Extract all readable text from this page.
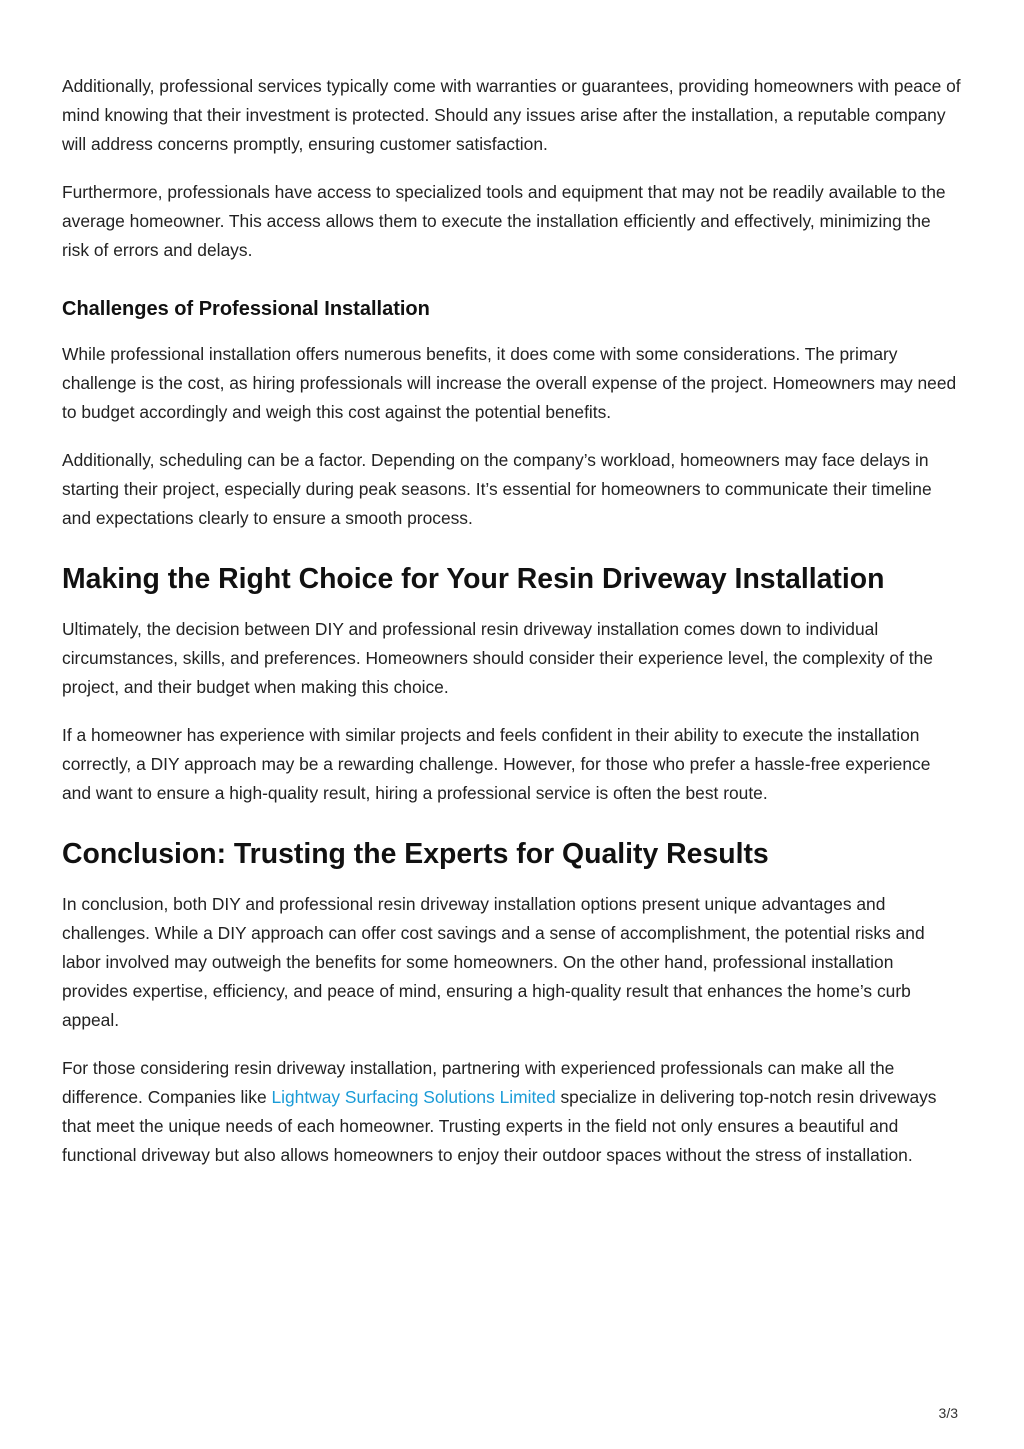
Additionally, professional services typically come with warranties or guarantees, providing homeowners with peace of mind knowing that their investment is protected. Should any issues arise after the installation, a reputable company will address concerns promptly, ensuring customer satisfaction.

Furthermore, professionals have access to specialized tools and equipment that may not be readily available to the average homeowner. This access allows them to execute the installation efficiently and effectively, minimizing the risk of errors and delays.

Challenges of Professional Installation

While professional installation offers numerous benefits, it does come with some considerations. The primary challenge is the cost, as hiring professionals will increase the overall expense of the project. Homeowners may need to budget accordingly and weigh this cost against the potential benefits.

Additionally, scheduling can be a factor. Depending on the company’s workload, homeowners may face delays in starting their project, especially during peak seasons. It’s essential for homeowners to communicate their timeline and expectations clearly to ensure a smooth process.

Making the Right Choice for Your Resin Driveway Installation

Ultimately, the decision between DIY and professional resin driveway installation comes down to individual circumstances, skills, and preferences. Homeowners should consider their experience level, the complexity of the project, and their budget when making this choice.

If a homeowner has experience with similar projects and feels confident in their ability to execute the installation correctly, a DIY approach may be a rewarding challenge. However, for those who prefer a hassle-free experience and want to ensure a high-quality result, hiring a professional service is often the best route.

Conclusion: Trusting the Experts for Quality Results

In conclusion, both DIY and professional resin driveway installation options present unique advantages and challenges. While a DIY approach can offer cost savings and a sense of accomplishment, the potential risks and labor involved may outweigh the benefits for some homeowners. On the other hand, professional installation provides expertise, efficiency, and peace of mind, ensuring a high-quality result that enhances the home’s curb appeal.

For those considering resin driveway installation, partnering with experienced professionals can make all the difference. Companies like Lightway Surfacing Solutions Limited specialize in delivering top-notch resin driveways that meet the unique needs of each homeowner. Trusting experts in the field not only ensures a beautiful and functional driveway but also allows homeowners to enjoy their outdoor spaces without the stress of installation.

3/3
